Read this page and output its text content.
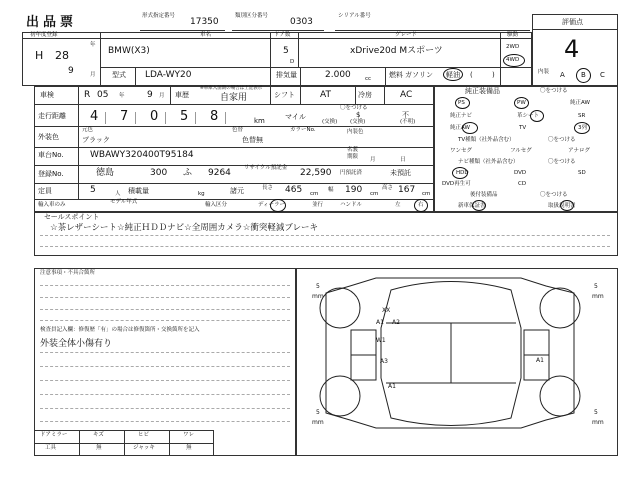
出品票	形式指定番号
17350
類別区分番号
0303
シリアル番号
評価点
4
初年度登録
H 28
年
9	月
車名
BMW(X3)
ドア数
5
D
グレード
xDrive20d Mスポーツ
駆動
2WD
4WD
型式 LDA-WY20	排気量	2.000	cc	燃料 ガソリン 軽油 (	)	内装 A B C
車検	R 05 年 9 月 車歴
※車庫入前期の場合は上記表示
自家用	シフト	AT	冷房	AC
走行距離 4 7 0 5 8	km
〇をつける
マイル
(交換)
$
(交換)
不
(不明)
外装色
元色
ブラック
色替
色替無
カラーNo.	内装色
車台No.	WBAWY320400T95184	名義
期限 月	日
登録No.	徳島	300 ふ 9264 リサイクル預託金 22,590 円預託済	未預託
定員	5	人 積載量	kg	諸元	長さ 465 cm
幅 190 cm
高さ 167 cm
輸入車のみ	モデル年式	輸入区分	ディーラー	並行	ハンドル	左	右
純正装備品	〇をつける
PS	PW	純正AW
純正ナビ	革シート	SR
純正AW	TV	3列
TV種類（社外品含む）	〇をつける
ワンセグ	フルセグ	アナログ
ナビ種類（社外品含む）	〇をつける
HDD	DVD	SD
DVD再生可	CD
後付装備品	〇をつける
新車保証書	取扱説明書
セールスポイント
☆茶レザーシート☆純正ＨＤＤナビ☆全周囲カメラ☆衝突軽減ブレーキ
注意事項・不具合箇所
検査員記入欄：修復歴「有」の場合は修復箇所・交換箇所を記入
外装全体小傷有り
ドアミラー	キズ	ヒビ	ワレ
工具	無	ジャッキ	無
XX
A1 A2
W1
A3	A1
A1
5
mm
5
mm
5
mm
5
mm
